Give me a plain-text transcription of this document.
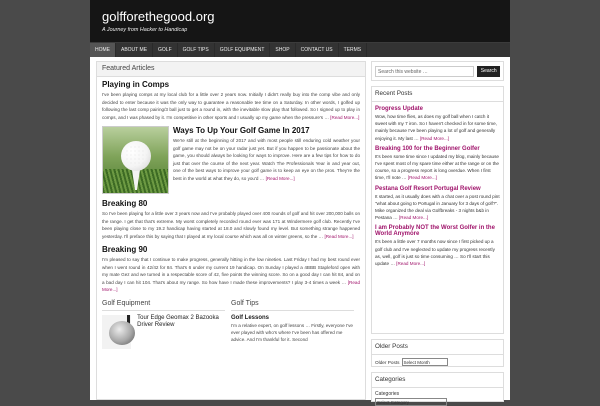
golfforethegood.org
A Journey from Hacker to Handicap
HOME	ABOUT ME	GOLF	GOLF TIPS	GOLF EQUIPMENT	SHOP	CONTACT US	TERMS
Featured Articles
Playing in Comps

I've been playing comps at my local club for a little over 2 years now. Initially I didn't really buy into the comp vibe and only decided to enter because it was the only way to guarantee a reasonable tee time on a Saturday. In other words, I golfed up following the last comp pairing/3 ball just to get a round in, with the inevitable slow play that followed. So I signed up to play in comps, and I was phased by it. I'm competitive in other sports and I usually up my game when the pressure's … [Read More...]

Ways To Up Your Golf Game In 2017

We're still at the beginning of 2017 and with most people still enduring cold weather your golf game may not be on your radar just yet. But if you happen to be passionate about the game, you should always be looking for ways to improve. Here are a few tips for how to do just that over the course of the next year. Watch The Professionals Year in and year out, one of the best ways to improve your golf game is to keep an eye on the pros. They're the best in the world at what they do, so you'd … [Read More...]

Breaking 80

So I've been playing for a little over 3 years now and I've probably played over 400 rounds of golf and hit over 200,000 balls on the range. I get that that's extreme. My worst completely recorded round ever was 171 at Windermere golf club. Recently I've been playing close to my 19.2 handicap having started at 18.0 and slowly found my level. But something strange happened yesterday. I'll preface this by saying that I played at my local course which was all on winter greens, so the … [Read More...]

Breaking 90

I'm pleased to say that I continue to make progress, generally hitting in the low nineties. Last Friday I had my best round ever when I went round in 42/42 for 84. That's 6 under my current 19 handicap. On Sunday I played a 4BBB Stapleford open with my mate Gez and we turned in a respectable score of 42, five points the winning score. So on a good day I can hit 84, and on a bad day I can hit 104. That's about my range. So how have I made these improvements? I play 3-4 times a week … [Read More...]

Golf Equipment
Tour Edge Geomax 2 Bazooka Driver Review
Golf Tips
Golf Lessons
I'm a relative expert, on golf lessons … Firstly, everyone I've ever played with who's where I've been has offered me advice. And I'm thankful for it. Second
Search this website …	Search
Recent Posts
Progress Update

Wow, how time flies, as does my golf ball when I catch it sweet with my 7 iron. So I haven't checked in for some time, mainly because I've been playing a lot of golf and generally enjoying it. My last … [Read More...]

Breaking 100 for the Beginner Golfer

It's been some time since I updated my blog, mainly because I've spent most of my spare time either at the range or on the course, so a progress report is long overdue. When I first time, I'll note … [Read More...]

Pestana Golf Resort Portugal Review

It started, as it usually does with a chat over a post round pint "what about going to Portugal in January for 3 days of golf?". Mike organized the deal via Golfbreaks - 3 nights b&b in Pestana … [Read More...]

I am Probably NOT the Worst Golfer in the World Anymore

It's been a little over 7 months now since I first picked up a golf club and I've neglected to update my progress recently as, well, golf is just so time consuming … So I'll start this update … [Read More...]

Older Posts
Older Posts Select Month
Categories
Categories
Select Category
